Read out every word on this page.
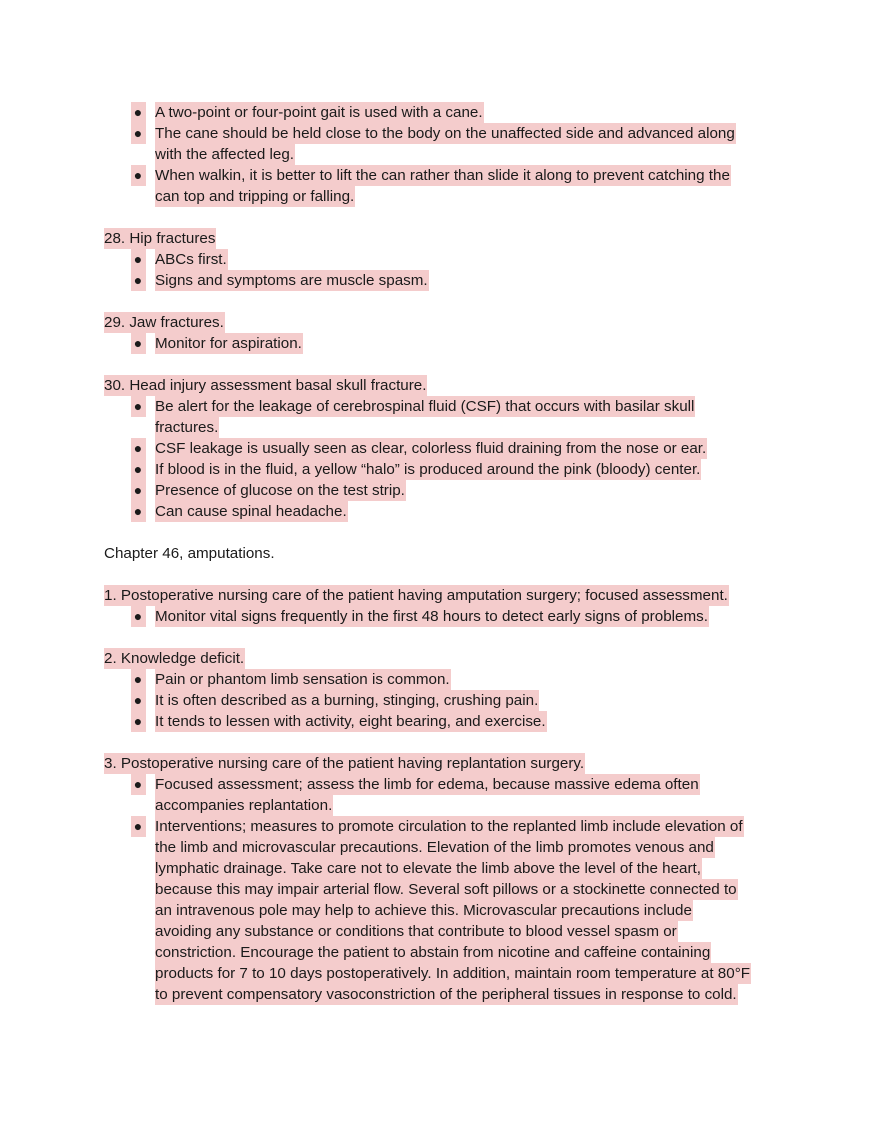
● A two-point or four-point gait is used with a cane.
● The cane should be held close to the body on the unaffected side and advanced along
with the affected leg.
● When walkin, it is better to lift the can rather than slide it along to prevent catching the
can top and tripping or falling.
28. Hip fractures
● ABCs first.
● Signs and symptoms are muscle spasm.
29. Jaw fractures.
● Monitor for aspiration.
30. Head injury assessment basal skull fracture.
● Be alert for the leakage of cerebrospinal fluid (CSF) that occurs with basilar skull
fractures.
● CSF leakage is usually seen as clear, colorless fluid draining from the nose or ear.
● If blood is in the fluid, a yellow “halo” is produced around the pink (bloody) center.
● Presence of glucose on the test strip.
● Can cause spinal headache.
Chapter 46, amputations.
1. Postoperative nursing care of the patient having amputation surgery; focused assessment.
● Monitor vital signs frequently in the first 48 hours to detect early signs of problems.
2. Knowledge deficit.
● Pain or phantom limb sensation is common.
● It is often described as a burning, stinging, crushing pain.
● It tends to lessen with activity, eight bearing, and exercise.
3. Postoperative nursing care of the patient having replantation surgery.
● Focused assessment; assess the limb for edema, because massive edema often
accompanies replantation.
● Interventions; measures to promote circulation to the replanted limb include elevation of
the limb and microvascular precautions. Elevation of the limb promotes venous and
lymphatic drainage. Take care not to elevate the limb above the level of the heart,
because this may impair arterial flow. Several soft pillows or a stockinette connected to
an intravenous pole may help to achieve this. Microvascular precautions include
avoiding any substance or conditions that contribute to blood vessel spasm or
constriction. Encourage the patient to abstain from nicotine and caffeine containing
products for 7 to 10 days postoperatively. In addition, maintain room temperature at 80°F
to prevent compensatory vasoconstriction of the peripheral tissues in response to cold.
